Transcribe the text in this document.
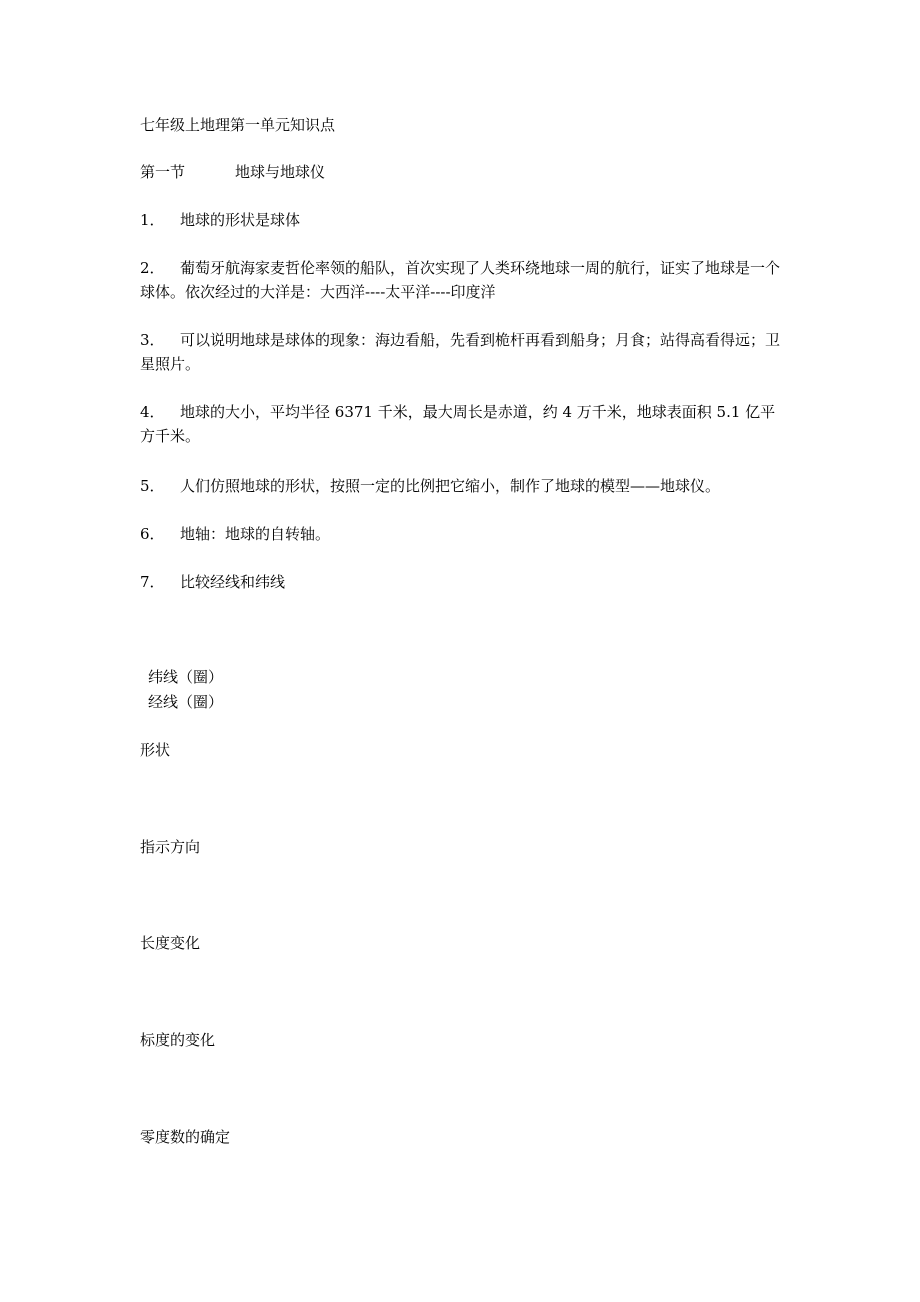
七年级上地理第一单元知识点
第一节	地球与地球仪
1． 地球的形状是球体
2． 葡萄牙航海家麦哲伦率领的船队，首次实现了人类环绕地球一周的航行，证实了地球是一个球体。依次经过的大洋是：大西洋----太平洋----印度洋
3． 可以说明地球是球体的现象：海边看船，先看到桅杆再看到船身；月食；站得高看得远；卫星照片。
4． 地球的大小，平均半径 6371 千米，最大周长是赤道，约 4 万千米，地球表面积 5.1 亿平方千米。
5． 人们仿照地球的形状，按照一定的比例把它缩小，制作了地球的模型——地球仪。
6． 地轴：地球的自转轴。
7． 比较经线和纬线
纬线（圈）
经线（圈）
形状
指示方向
长度变化
标度的变化
零度数的确定
